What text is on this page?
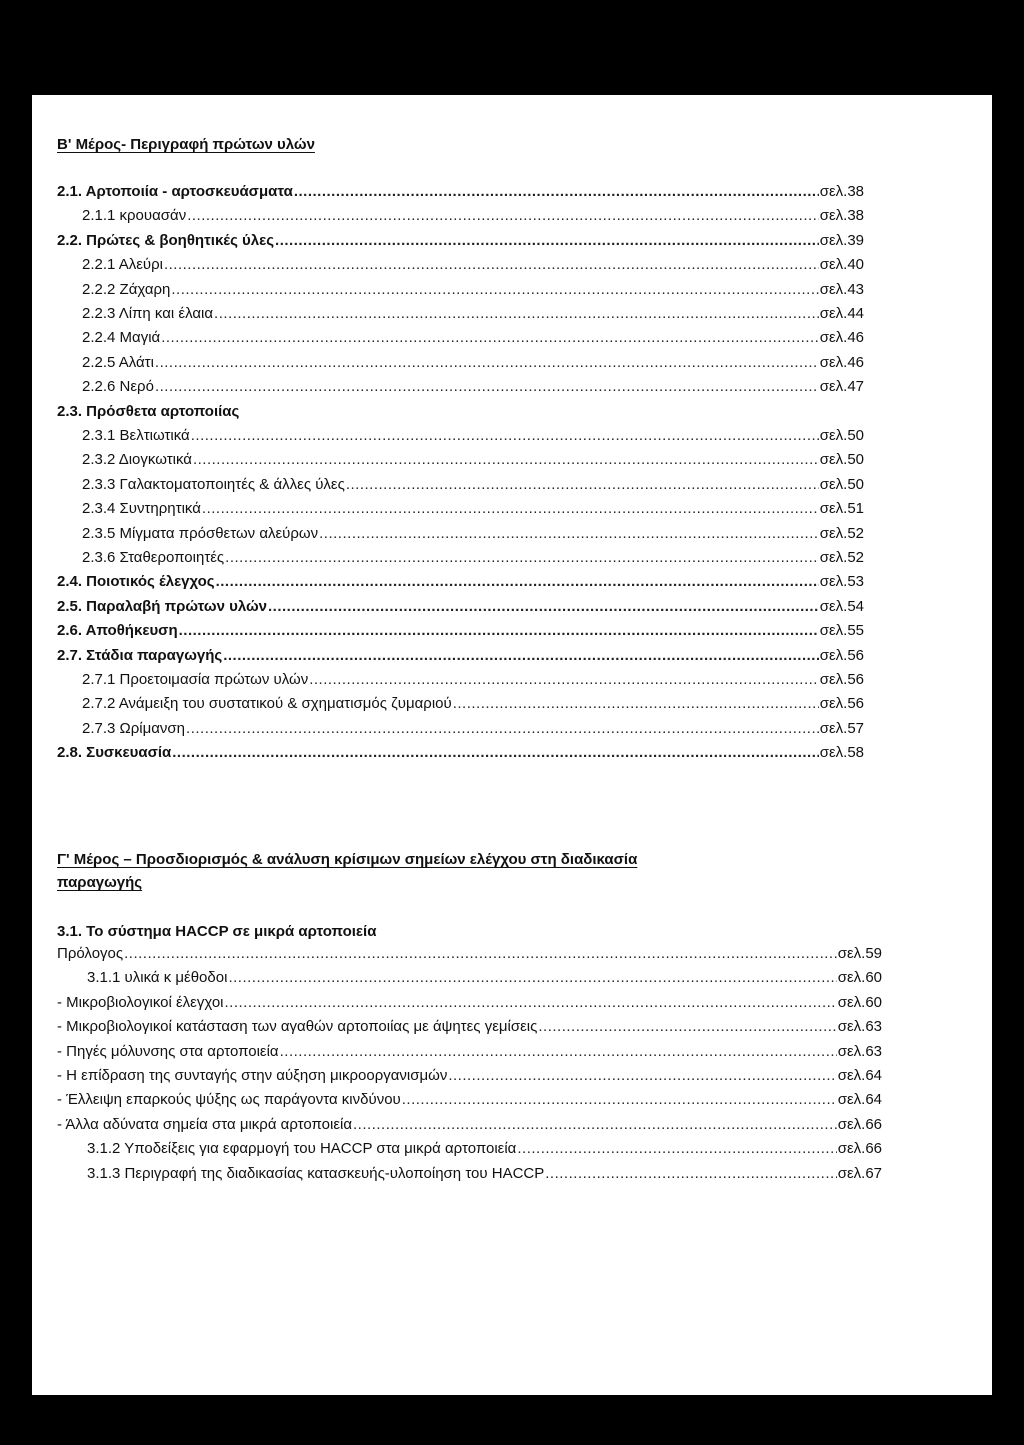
Β' Μέρος- Περιγραφή πρώτων υλών

2.1. Αρτοποιία - αρτοσκευάσματα .....	σελ.38
2.1.1 κρουασάν .....	σελ.38
2.2. Πρώτες & βοηθητικές ύλες .....	σελ.39
2.2.1 Αλεύρι .....	σελ.40
2.2.2 Ζάχαρη .....	σελ.43
2.2.3 Λίπη και έλαια .....	σελ.44
2.2.4 Μαγιά .....	σελ.46
2.2.5 Αλάτι .....	σελ.46
2.2.6 Νερό .....	σελ.47
2.3. Πρόσθετα αρτοποιίας
2.3.1 Βελτιωτικά .....	σελ.50
2.3.2 Διογκωτικά .....	σελ.50
2.3.3 Γαλακτοματοποιητές & άλλες ύλες .....	σελ.50
2.3.4 Συντηρητικά .....	σελ.51
2.3.5 Μίγματα πρόσθετων αλεύρων .....	σελ.52
2.3.6 Σταθεροποιητές .....	σελ.52
2.4. Ποιοτικός έλεγχος .....	σελ.53
2.5. Παραλαβή πρώτων υλών .....	σελ.54
2.6. Αποθήκευση .....	σελ.55
2.7. Στάδια παραγωγής .....	σελ.56
2.7.1 Προετοιμασία πρώτων υλών .....	σελ.56
2.7.2 Ανάμειξη του συστατικού & σχηματισμός ζυμαριού .....	σελ.56
2.7.3 Ωρίμανση .....	σελ.57
2.8. Συσκευασία .....	σελ.58

Γ' Μέρος – Προσδιορισμός & ανάλυση κρίσιμων σημείων ελέγχου στη διαδικασία

παραγωγής

3.1. Το σύστημα HACCP σε μικρά αρτοποιεία

Πρόλογος .....	σελ.59
3.1.1 υλικά κ μέθοδοι .....	σελ.60
- Μικροβιολογικοί έλεγχοι .....	σελ.60
- Μικροβιολογικοί κατάσταση των αγαθών αρτοποιίας με άψητες γεμίσεις .....	σελ.63
- Πηγές μόλυνσης στα αρτοποιεία .....	σελ.63
- Η επίδραση της συνταγής στην αύξηση μικροοργανισμών .....	σελ.64
- Έλλειψη επαρκούς ψύξης ως παράγοντα κινδύνου .....	σελ.64
- Άλλα αδύνατα σημεία στα μικρά αρτοποιεία .....	σελ.66
3.1.2 Υποδείξεις για εφαρμογή του HACCP στα μικρά αρτοποιεία .....	σελ.66
3.1.3 Περιγραφή της διαδικασίας κατασκευής-υλοποίηση του HACCP .....	σελ.67
